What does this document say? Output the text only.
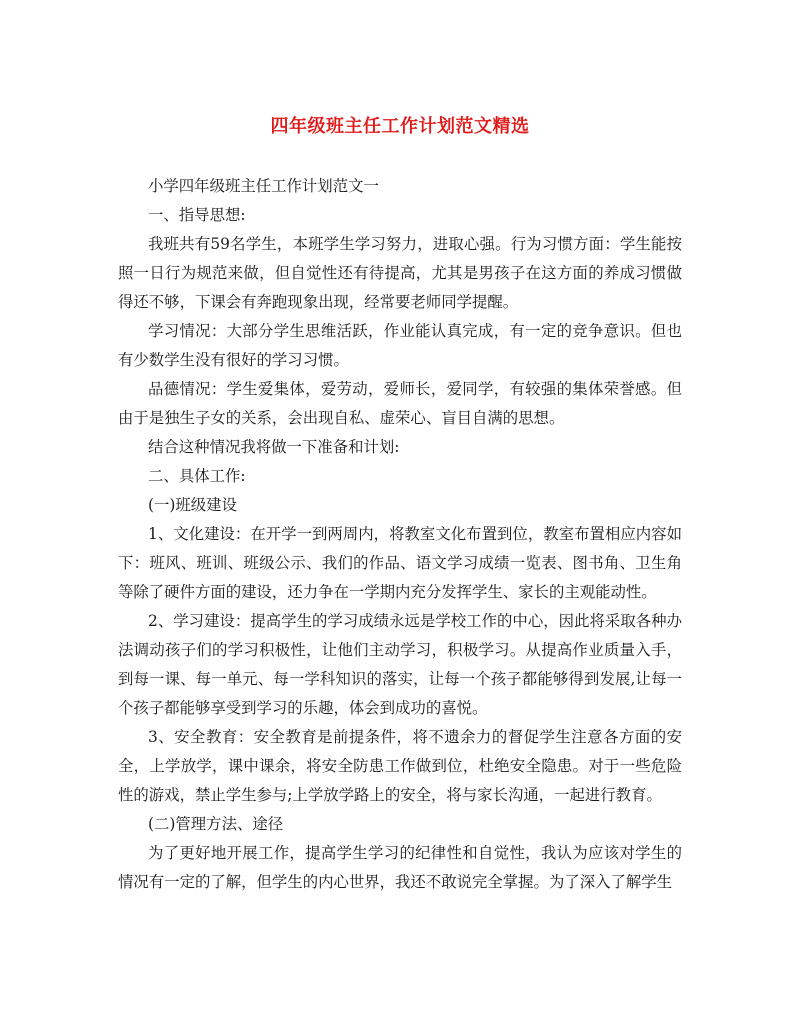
四年级班主任工作计划范文精选

小学四年级班主任工作计划范文一

一、指导思想:

我班共有59名学生，本班学生学习努力，进取心强。行为习惯方面：学生能按照一日行为规范来做，但自觉性还有待提高，尤其是男孩子在这方面的养成习惯做得还不够，下课会有奔跑现象出现，经常要老师同学提醒。

学习情况：大部分学生思维活跃，作业能认真完成，有一定的竞争意识。但也有少数学生没有很好的学习习惯。

品德情况：学生爱集体，爱劳动，爱师长，爱同学，有较强的集体荣誉感。但由于是独生子女的关系，会出现自私、虚荣心、盲目自满的思想。

结合这种情况我将做一下准备和计划:

二、具体工作:

(一)班级建设

1、文化建设：在开学一到两周内，将教室文化布置到位，教室布置相应内容如下：班风、班训、班级公示、我们的作品、语文学习成绩一览表、图书角、卫生角等除了硬件方面的建设，还力争在一学期内充分发挥学生、家长的主观能动性。

2、学习建设：提高学生的学习成绩永远是学校工作的中心，因此将采取各种办法调动孩子们的学习积极性，让他们主动学习，积极学习。从提高作业质量入手，到每一课、每一单元、每一学科知识的落实，让每一个孩子都能够得到发展,让每一个孩子都能够享受到学习的乐趣，体会到成功的喜悦。

3、安全教育：安全教育是前提条件，将不遗余力的督促学生注意各方面的安全，上学放学，课中课余，将安全防患工作做到位，杜绝安全隐患。对于一些危险性的游戏，禁止学生参与;上学放学路上的安全，将与家长沟通，一起进行教育。

(二)管理方法、途径

为了更好地开展工作，提高学生学习的纪律性和自觉性，我认为应该对学生的情况有一定的了解，但学生的内心世界，我还不敢说完全掌握。为了深入了解学生
